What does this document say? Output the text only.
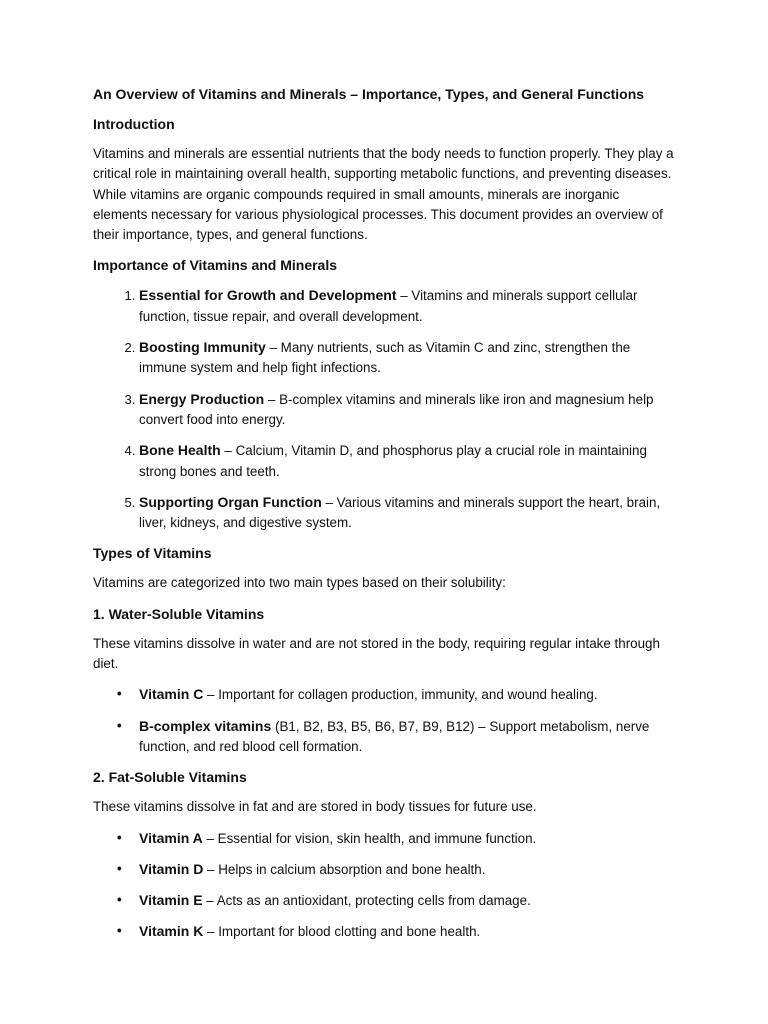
An Overview of Vitamins and Minerals – Importance, Types, and General Functions
Introduction

Vitamins and minerals are essential nutrients that the body needs to function properly. They play a critical role in maintaining overall health, supporting metabolic functions, and preventing diseases. While vitamins are organic compounds required in small amounts, minerals are inorganic elements necessary for various physiological processes. This document provides an overview of their importance, types, and general functions.

Importance of Vitamins and Minerals
1. Essential for Growth and Development – Vitamins and minerals support cellular function, tissue repair, and overall development.
2. Boosting Immunity – Many nutrients, such as Vitamin C and zinc, strengthen the immune system and help fight infections.
3. Energy Production – B-complex vitamins and minerals like iron and magnesium help convert food into energy.
4. Bone Health – Calcium, Vitamin D, and phosphorus play a crucial role in maintaining strong bones and teeth.
5. Supporting Organ Function – Various vitamins and minerals support the heart, brain, liver, kidneys, and digestive system.
Types of Vitamins

Vitamins are categorized into two main types based on their solubility:

1. Water-Soluble Vitamins

These vitamins dissolve in water and are not stored in the body, requiring regular intake through diet.

• Vitamin C – Important for collagen production, immunity, and wound healing.
• B-complex vitamins (B1, B2, B3, B5, B6, B7, B9, B12) – Support metabolism, nerve function, and red blood cell formation.
2. Fat-Soluble Vitamins

These vitamins dissolve in fat and are stored in body tissues for future use.

• Vitamin A – Essential for vision, skin health, and immune function.
• Vitamin D – Helps in calcium absorption and bone health.
• Vitamin E – Acts as an antioxidant, protecting cells from damage.
• Vitamin K – Important for blood clotting and bone health.
